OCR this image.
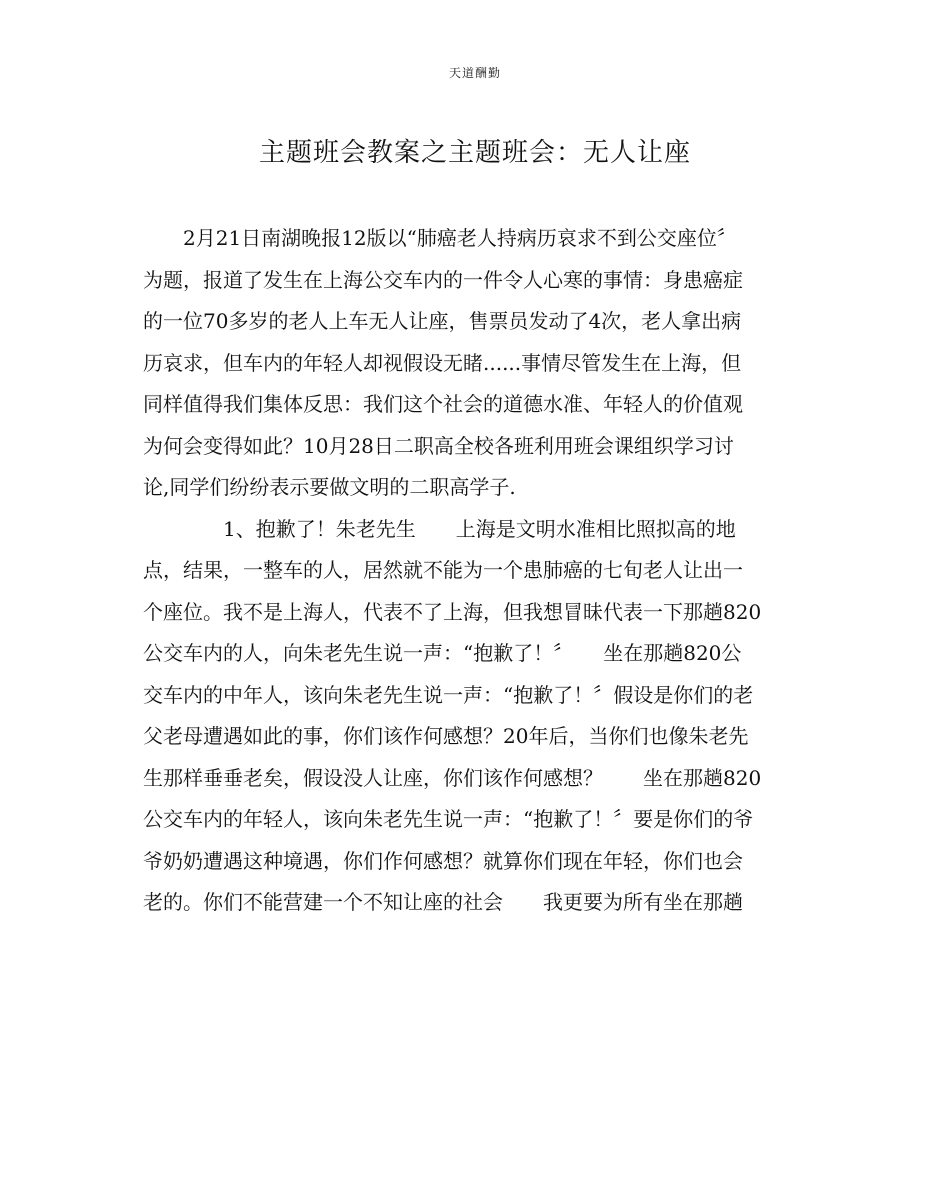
天道酬勤
主题班会教案之主题班会：无人让座
　　2月21日南湖晚报12版以“肺癌老人持病历哀求不到公交座位〞
为题，报道了发生在上海公交车内的一件令人心寒的事情：身患癌症
的一位70多岁的老人上车无人让座，售票员发动了4次，老人拿出病
历哀求，但车内的年轻人却视假设无睹......事情尽管发生在上海，但
同样值得我们集体反思：我们这个社会的道德水准、年轻人的价值观
为何会变得如此？10月28日二职高全校各班利用班会课组织学习讨
论,同学们纷纷表示要做文明的二职高学子.
　　　　1、抱歉了！朱老先生　　上海是文明水准相比照拟高的地
点，结果，一整车的人，居然就不能为一个患肺癌的七旬老人让出一
个座位。我不是上海人，代表不了上海，但我想冒昧代表一下那趟820
公交车内的人，向朱老先生说一声：“抱歉了！〞　　坐在那趟820公
交车内的中年人，该向朱老先生说一声：“抱歉了！〞假设是你们的老
父老母遭遇如此的事，你们该作何感想？20年后，当你们也像朱老先
生那样垂垂老矣，假设没人让座，你们该作何感想？　　坐在那趟820
公交车内的年轻人，该向朱老先生说一声：“抱歉了！〞要是你们的爷
爷奶奶遭遇这种境遇，你们作何感想？就算你们现在年轻，你们也会
老的。你们不能营建一个不知让座的社会　　我更要为所有坐在那趟
